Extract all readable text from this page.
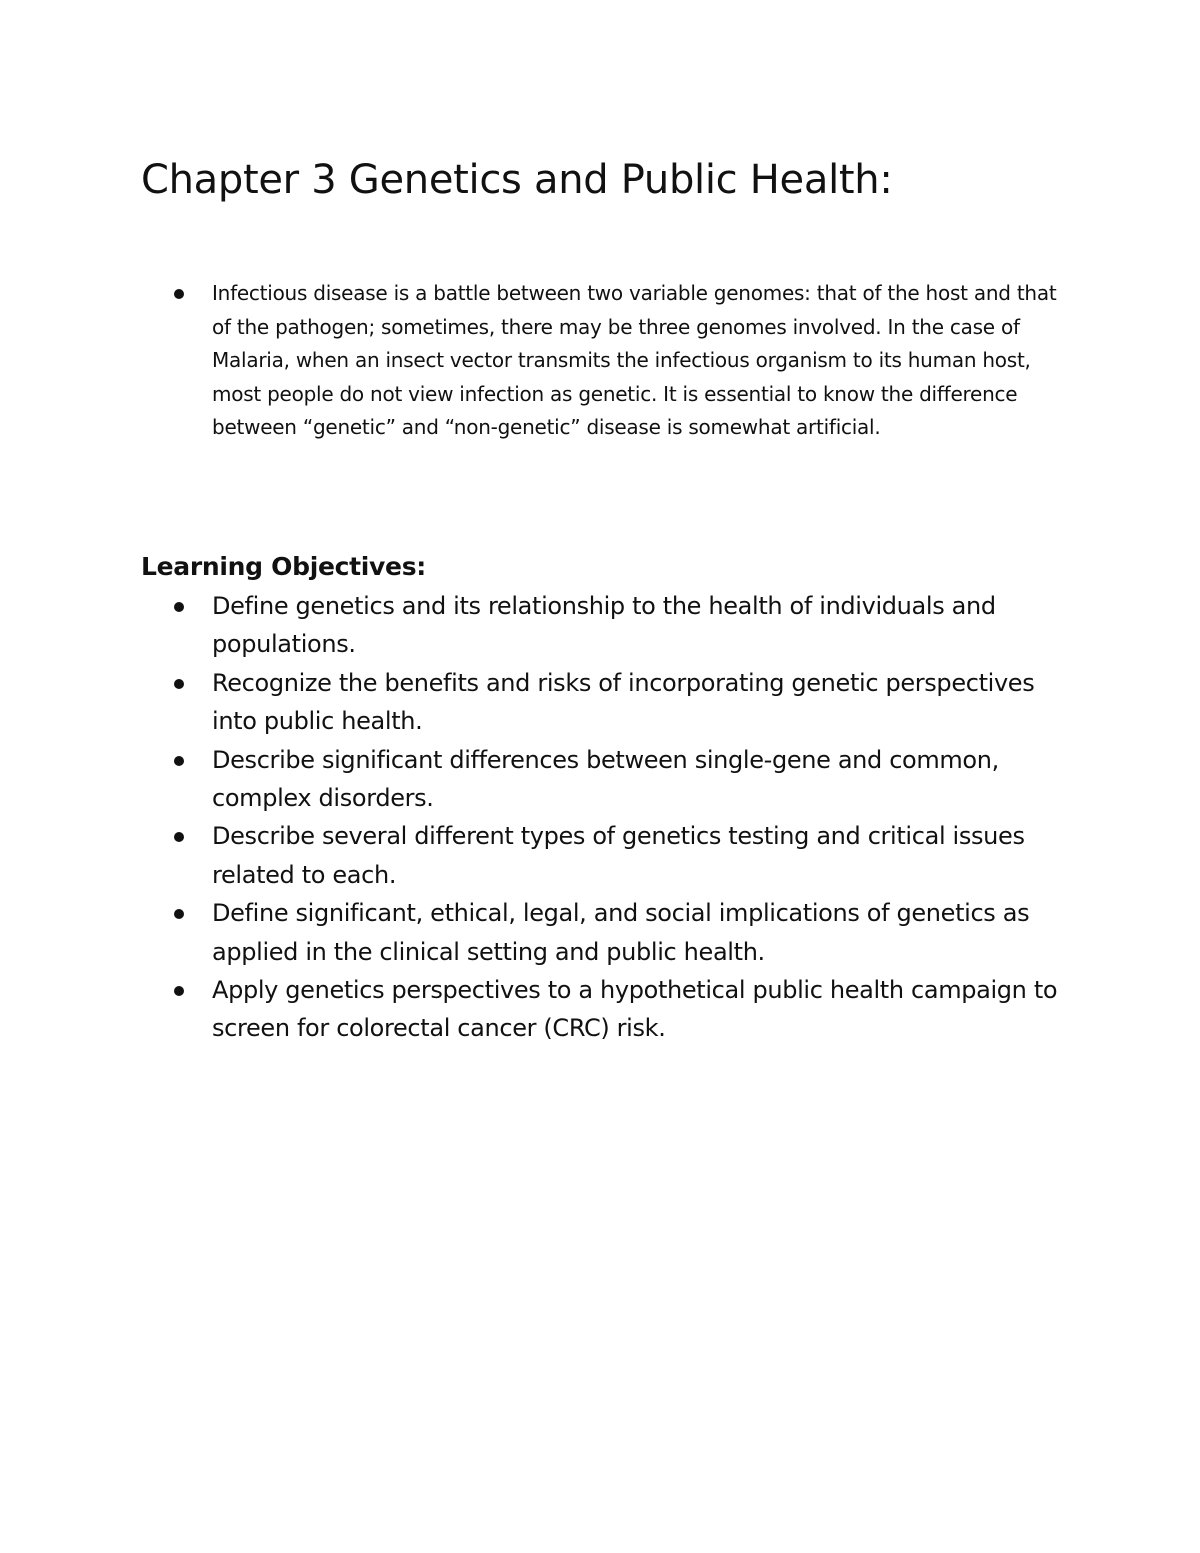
Chapter 3 Genetics and Public Health:
Infectious disease is a battle between two variable genomes: that of the host and that of the pathogen; sometimes, there may be three genomes involved. In the case of Malaria, when an insect vector transmits the infectious organism to its human host, most people do not view infection as genetic. It is essential to know the difference between “genetic” and “non-genetic” disease is somewhat artificial.
Learning Objectives:
Define genetics and its relationship to the health of individuals and populations.
Recognize the benefits and risks of incorporating genetic perspectives into public health.
Describe significant differences between single-gene and common, complex disorders.
Describe several different types of genetics testing and critical issues related to each.
Define significant, ethical, legal, and social implications of genetics as applied in the clinical setting and public health.
Apply genetics perspectives to a hypothetical public health campaign to screen for colorectal cancer (CRC) risk.
